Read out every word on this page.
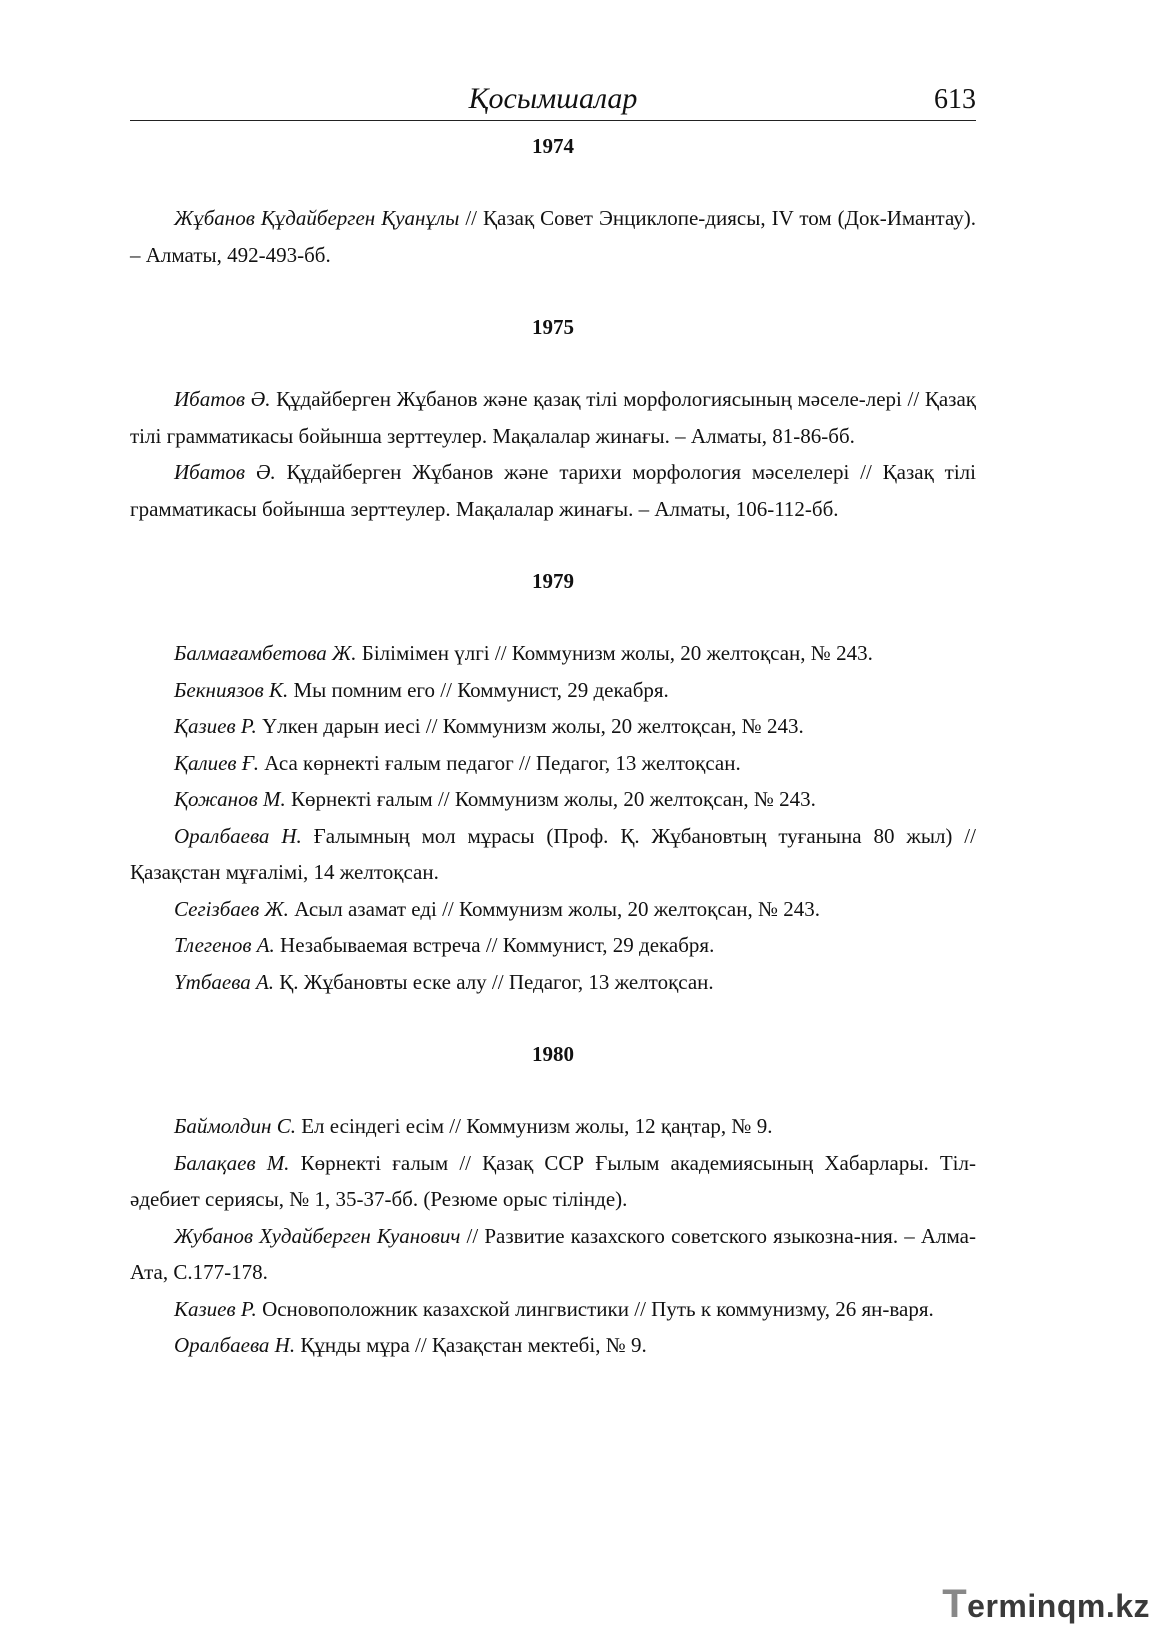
Қосымшалар	613
1974

Жұбанов Құдайберген Қуанұлы // Қазақ Совет Энциклопе-диясы, IV том (Док-Имантау). – Алматы, 492-493-бб.

1975

Ибатов Ә. Құдайберген Жұбанов және қазақ тілі морфологиясының мәселе-лері // Қазақ тілі грамматикасы бойынша зерттеулер. Мақалалар жинағы. – Алматы, 81-86-бб.

Ибатов Ә. Құдайберген Жұбанов және тарихи морфология мәселелері // Қазақ тілі грамматикасы бойынша зерттеулер. Мақалалар жинағы. – Алматы, 106-112-бб.

1979

Балмағамбетова Ж. Білімімен үлгі // Коммунизм жолы, 20 желтоқсан, № 243.

Бекниязов К. Мы помним его // Коммунист, 29 декабря.

Қазиев Р. Үлкен дарын иесі // Коммунизм жолы, 20 желтоқсан, № 243.

Қалиев Ғ. Аса көрнекті ғалым педагог // Педагог, 13 желтоқсан.

Қожанов М. Көрнекті ғалым // Коммунизм жолы, 20 желтоқсан, № 243.

Оралбаева Н. Ғалымның мол мұрасы (Проф. Қ. Жұбановтың туғанына 80 жыл) // Қазақстан мұғалімі, 14 желтоқсан.

Сегізбаев Ж. Асыл азамат еді // Коммунизм жолы, 20 желтоқсан, № 243.

Тлегенов А. Незабываемая встреча // Коммунист, 29 декабря.

Үтбаева А. Қ. Жұбановты еске алу // Педагог, 13 желтоқсан.

1980

Баймолдин С. Ел есіндегі есім // Коммунизм жолы, 12 қаңтар, № 9.

Балақаев М. Көрнекті ғалым // Қазақ ССР Ғылым академиясының Хабарлары. Тіл-әдебиет сериясы, № 1, 35-37-бб. (Резюме орыс тілінде).

Жубанов Худайберген Куанович // Развитие казахского советского языкозна-ния. – Алма-Ата, С.177-178.

Казиев Р. Основоположник казахской лингвистики // Путь к коммунизму, 26 ян-варя.

Оралбаева Н. Құнды мұра // Қазақстан мектебі, № 9.

Terminqm.kz
